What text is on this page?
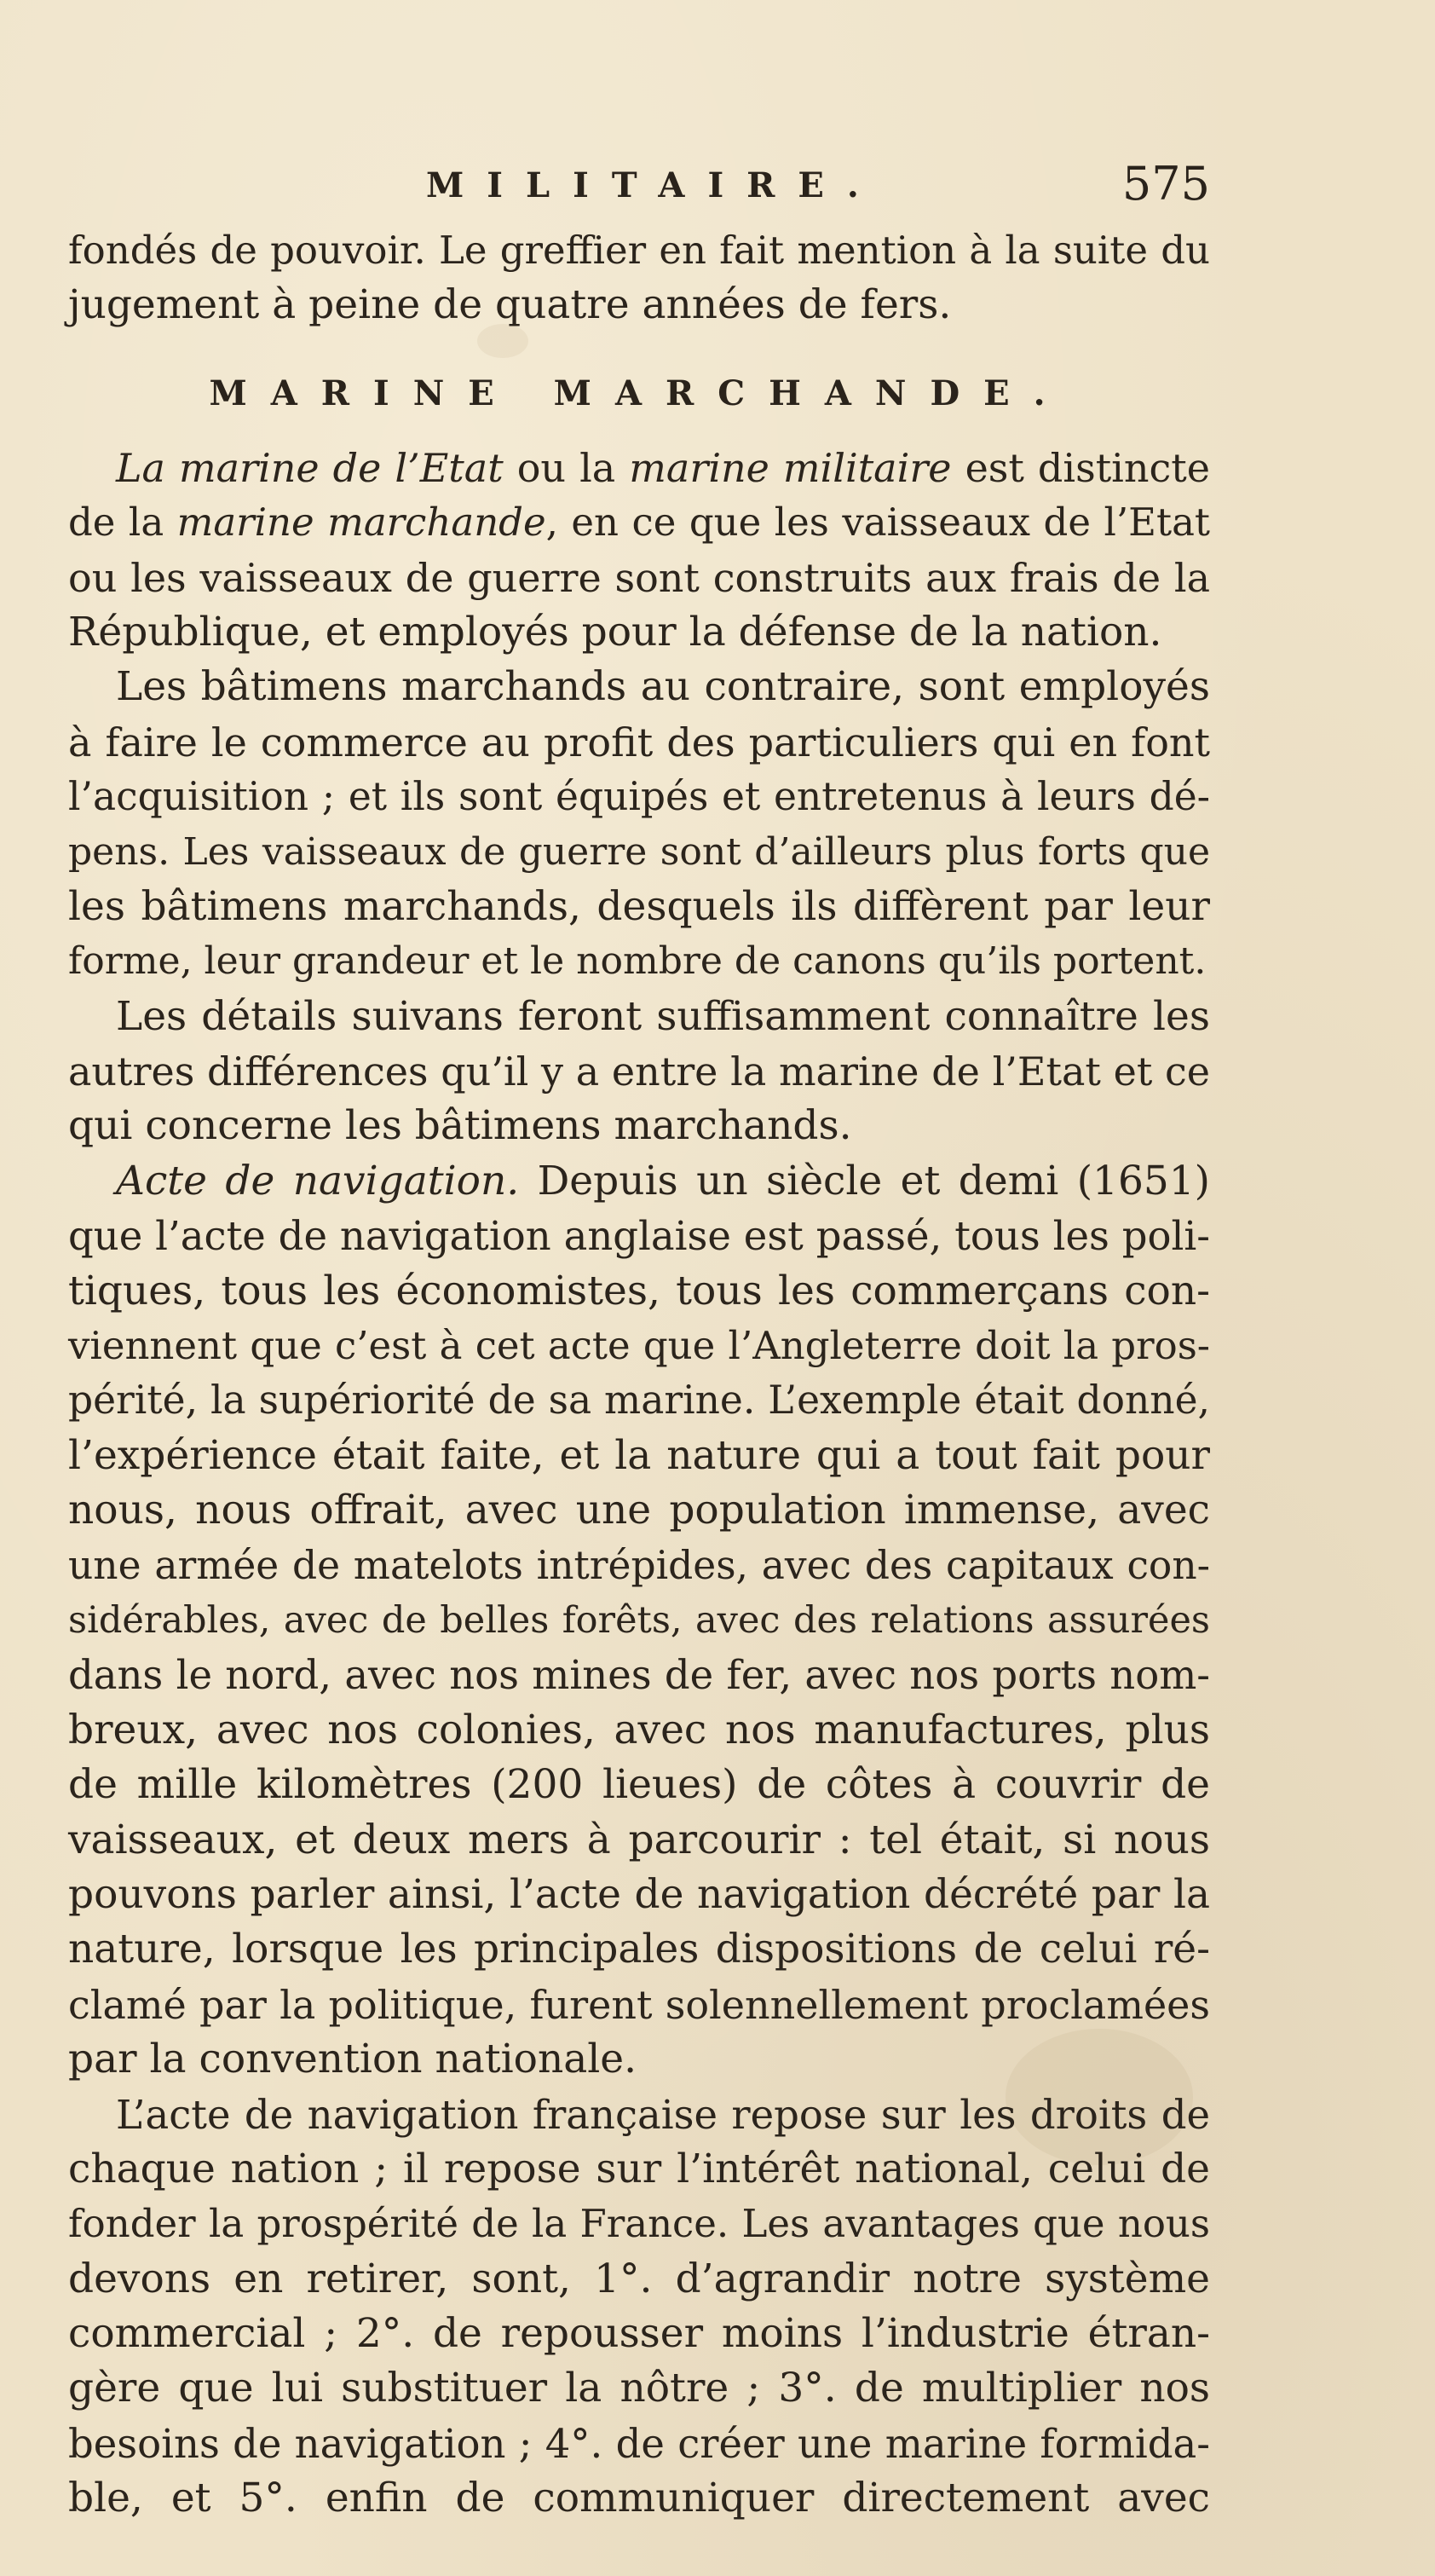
MILITAIRE.	575
fondés de pouvoir. Le greffier en fait mention à la suite du
jugement à peine de quatre années de fers.
MARINE MARCHANDE.
La marine de l’Etat ou la marine militaire est distincte
de la marine marchande, en ce que les vaisseaux de l’Etat
ou les vaisseaux de guerre sont construits aux frais de la
République, et employés pour la défense de la nation.
Les bâtimens marchands au contraire, sont employés
à faire le commerce au profit des particuliers qui en font
l’acquisition ; et ils sont équipés et entretenus à leurs dé-
pens. Les vaisseaux de guerre sont d’ailleurs plus forts que
les bâtimens marchands, desquels ils diffèrent par leur
forme, leur grandeur et le nombre de canons qu’ils portent.
Les détails suivans feront suffisamment connaître les
autres différences qu’il y a entre la marine de l’Etat et ce
qui concerne les bâtimens marchands.
Acte de navigation. Depuis un siècle et demi (1651)
que l’acte de navigation anglaise est passé, tous les poli-
tiques, tous les économistes, tous les commerçans con-
viennent que c’est à cet acte que l’Angleterre doit la pros-
périté, la supériorité de sa marine. L’exemple était donné,
l’expérience était faite, et la nature qui a tout fait pour
nous, nous offrait, avec une population immense, avec
une armée de matelots intrépides, avec des capitaux con-
sidérables, avec de belles forêts, avec des relations assurées
dans le nord, avec nos mines de fer, avec nos ports nom-
breux, avec nos colonies, avec nos manufactures, plus
de mille kilomètres (200 lieues) de côtes à couvrir de
vaisseaux, et deux mers à parcourir : tel était, si nous
pouvons parler ainsi, l’acte de navigation décrété par la
nature, lorsque les principales dispositions de celui ré-
clamé par la politique, furent solennellement proclamées
par la convention nationale.
L’acte de navigation française repose sur les droits de
chaque nation ; il repose sur l’intérêt national, celui de
fonder la prospérité de la France. Les avantages que nous
devons en retirer, sont, 1°. d’agrandir notre système
commercial ; 2°. de repousser moins l’industrie étran-
gère que lui substituer la nôtre ; 3°. de multiplier nos
besoins de navigation ; 4°. de créer une marine formida-
ble, et 5°. enfin de communiquer directement avec
